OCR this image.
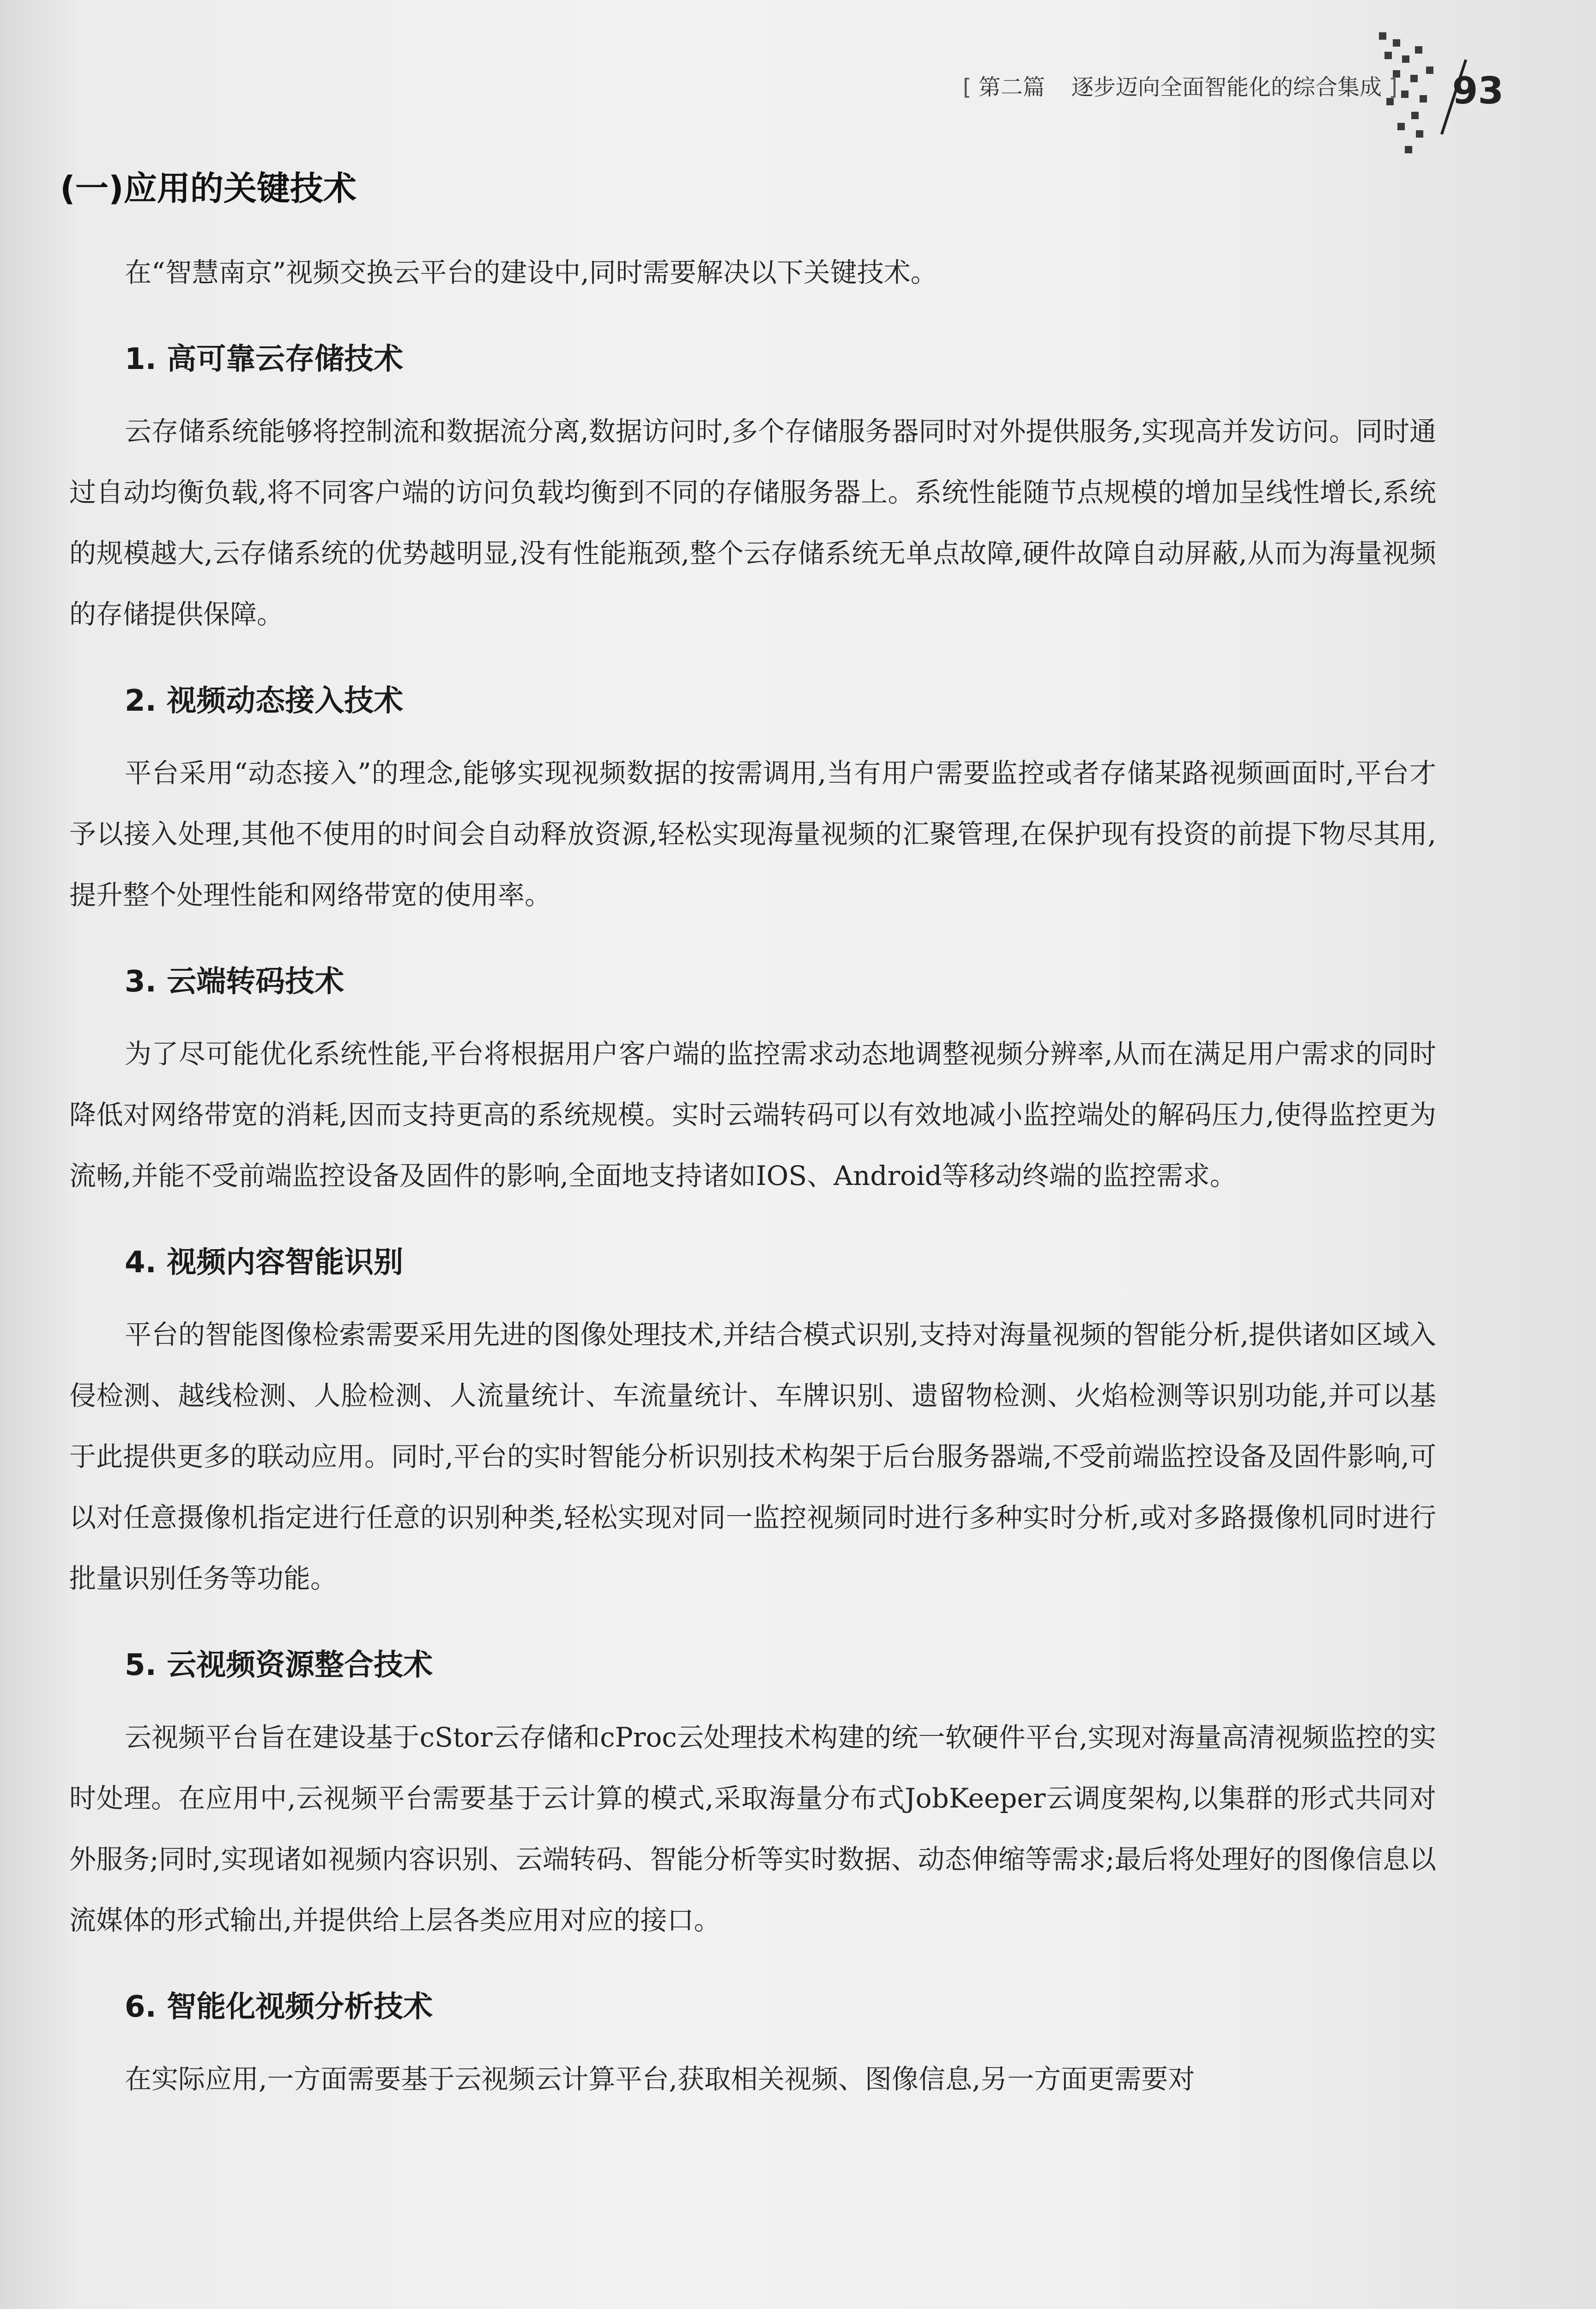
[ 第二篇 逐步迈向全面智能化的综合集成 ] 93
(一)应用的关键技术

在“智慧南京”视频交换云平台的建设中,同时需要解决以下关键技术。

1. 高可靠云存储技术

云存储系统能够将控制流和数据流分离,数据访问时,多个存储服务器同时对外提供服务,实现高并发访问。同时通过自动均衡负载,将不同客户端的访问负载均衡到不同的存储服务器上。系统性能随节点规模的增加呈线性增长,系统的规模越大,云存储系统的优势越明显,没有性能瓶颈,整个云存储系统无单点故障,硬件故障自动屏蔽,从而为海量视频的存储提供保障。

2. 视频动态接入技术

平台采用“动态接入”的理念,能够实现视频数据的按需调用,当有用户需要监控或者存储某路视频画面时,平台才予以接入处理,其他不使用的时间会自动释放资源,轻松实现海量视频的汇聚管理,在保护现有投资的前提下物尽其用,提升整个处理性能和网络带宽的使用率。

3. 云端转码技术

为了尽可能优化系统性能,平台将根据用户客户端的监控需求动态地调整视频分辨率,从而在满足用户需求的同时降低对网络带宽的消耗,因而支持更高的系统规模。实时云端转码可以有效地减小监控端处的解码压力,使得监控更为流畅,并能不受前端监控设备及固件的影响,全面地支持诸如IOS、Android等移动终端的监控需求。

4. 视频内容智能识别

平台的智能图像检索需要采用先进的图像处理技术,并结合模式识别,支持对海量视频的智能分析,提供诸如区域入侵检测、越线检测、人脸检测、人流量统计、车流量统计、车牌识别、遗留物检测、火焰检测等识别功能,并可以基于此提供更多的联动应用。同时,平台的实时智能分析识别技术构架于后台服务器端,不受前端监控设备及固件影响,可以对任意摄像机指定进行任意的识别种类,轻松实现对同一监控视频同时进行多种实时分析,或对多路摄像机同时进行批量识别任务等功能。

5. 云视频资源整合技术

云视频平台旨在建设基于cStor云存储和cProc云处理技术构建的统一软硬件平台,实现对海量高清视频监控的实时处理。在应用中,云视频平台需要基于云计算的模式,采取海量分布式JobKeeper云调度架构,以集群的形式共同对外服务;同时,实现诸如视频内容识别、云端转码、智能分析等实时数据、动态伸缩等需求;最后将处理好的图像信息以流媒体的形式输出,并提供给上层各类应用对应的接口。

6. 智能化视频分析技术

在实际应用,一方面需要基于云视频云计算平台,获取相关视频、图像信息,另一方面更需要对
